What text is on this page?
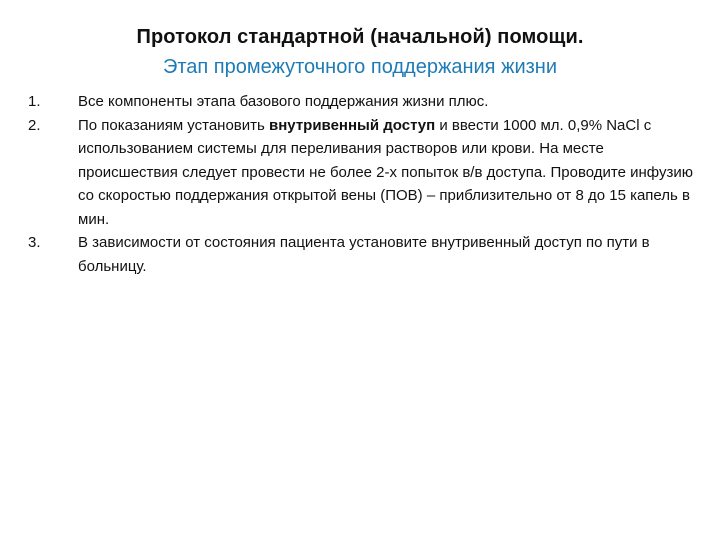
Протокол стандартной (начальной) помощи.
Этап промежуточного поддержания жизни
1.	Все компоненты этапа базового поддержания жизни плюс.
2.	По показаниям установить внутривенный доступ и ввести 1000 мл. 0,9% NaCl с использованием системы для переливания растворов или крови. На месте происшествия следует провести не более 2-х попыток в/в доступа. Проводите инфузию со скоростью поддержания открытой вены (ПОВ) – приблизительно от 8 до 15 капель в мин.
3.	В зависимости от состояния пациента установите внутривенный доступ по пути в больницу.
